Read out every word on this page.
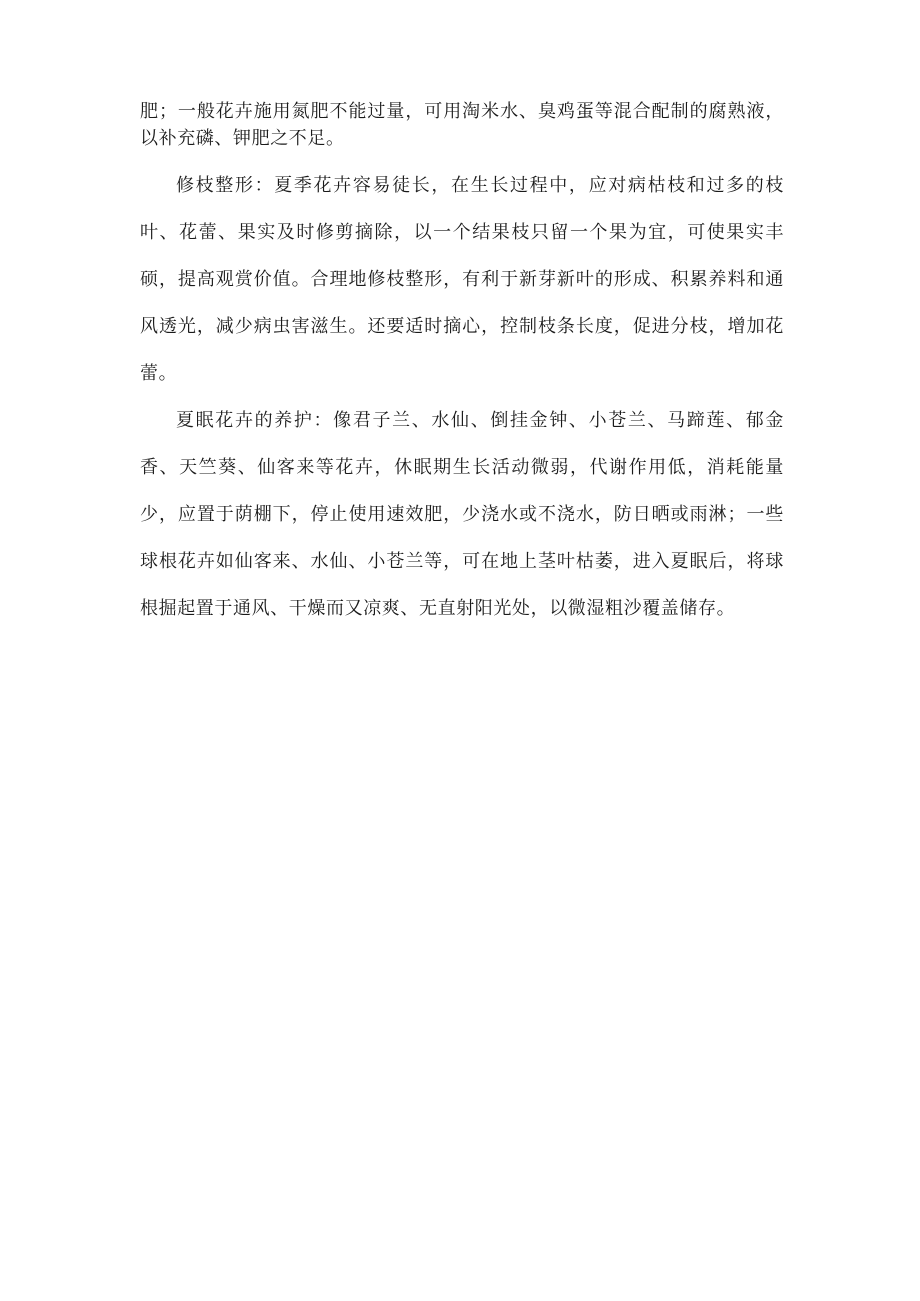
肥；一般花卉施用氮肥不能过量，可用淘米水、臭鸡蛋等混合配制的腐熟液，以补充磷、钾肥之不足。

修枝整形：夏季花卉容易徒长，在生长过程中，应对病枯枝和过多的枝叶、花蕾、果实及时修剪摘除，以一个结果枝只留一个果为宜，可使果实丰硕，提高观赏价值。合理地修枝整形，有利于新芽新叶的形成、积累养料和通风透光，减少病虫害滋生。还要适时摘心，控制枝条长度，促进分枝，增加花蕾。

夏眠花卉的养护：像君子兰、水仙、倒挂金钟、小苍兰、马蹄莲、郁金香、天竺葵、仙客来等花卉，休眠期生长活动微弱，代谢作用低，消耗能量少，应置于荫棚下，停止使用速效肥，少浇水或不浇水，防日晒或雨淋；一些球根花卉如仙客来、水仙、小苍兰等，可在地上茎叶枯萎，进入夏眠后，将球根掘起置于通风、干燥而又凉爽、无直射阳光处，以微湿粗沙覆盖储存。
